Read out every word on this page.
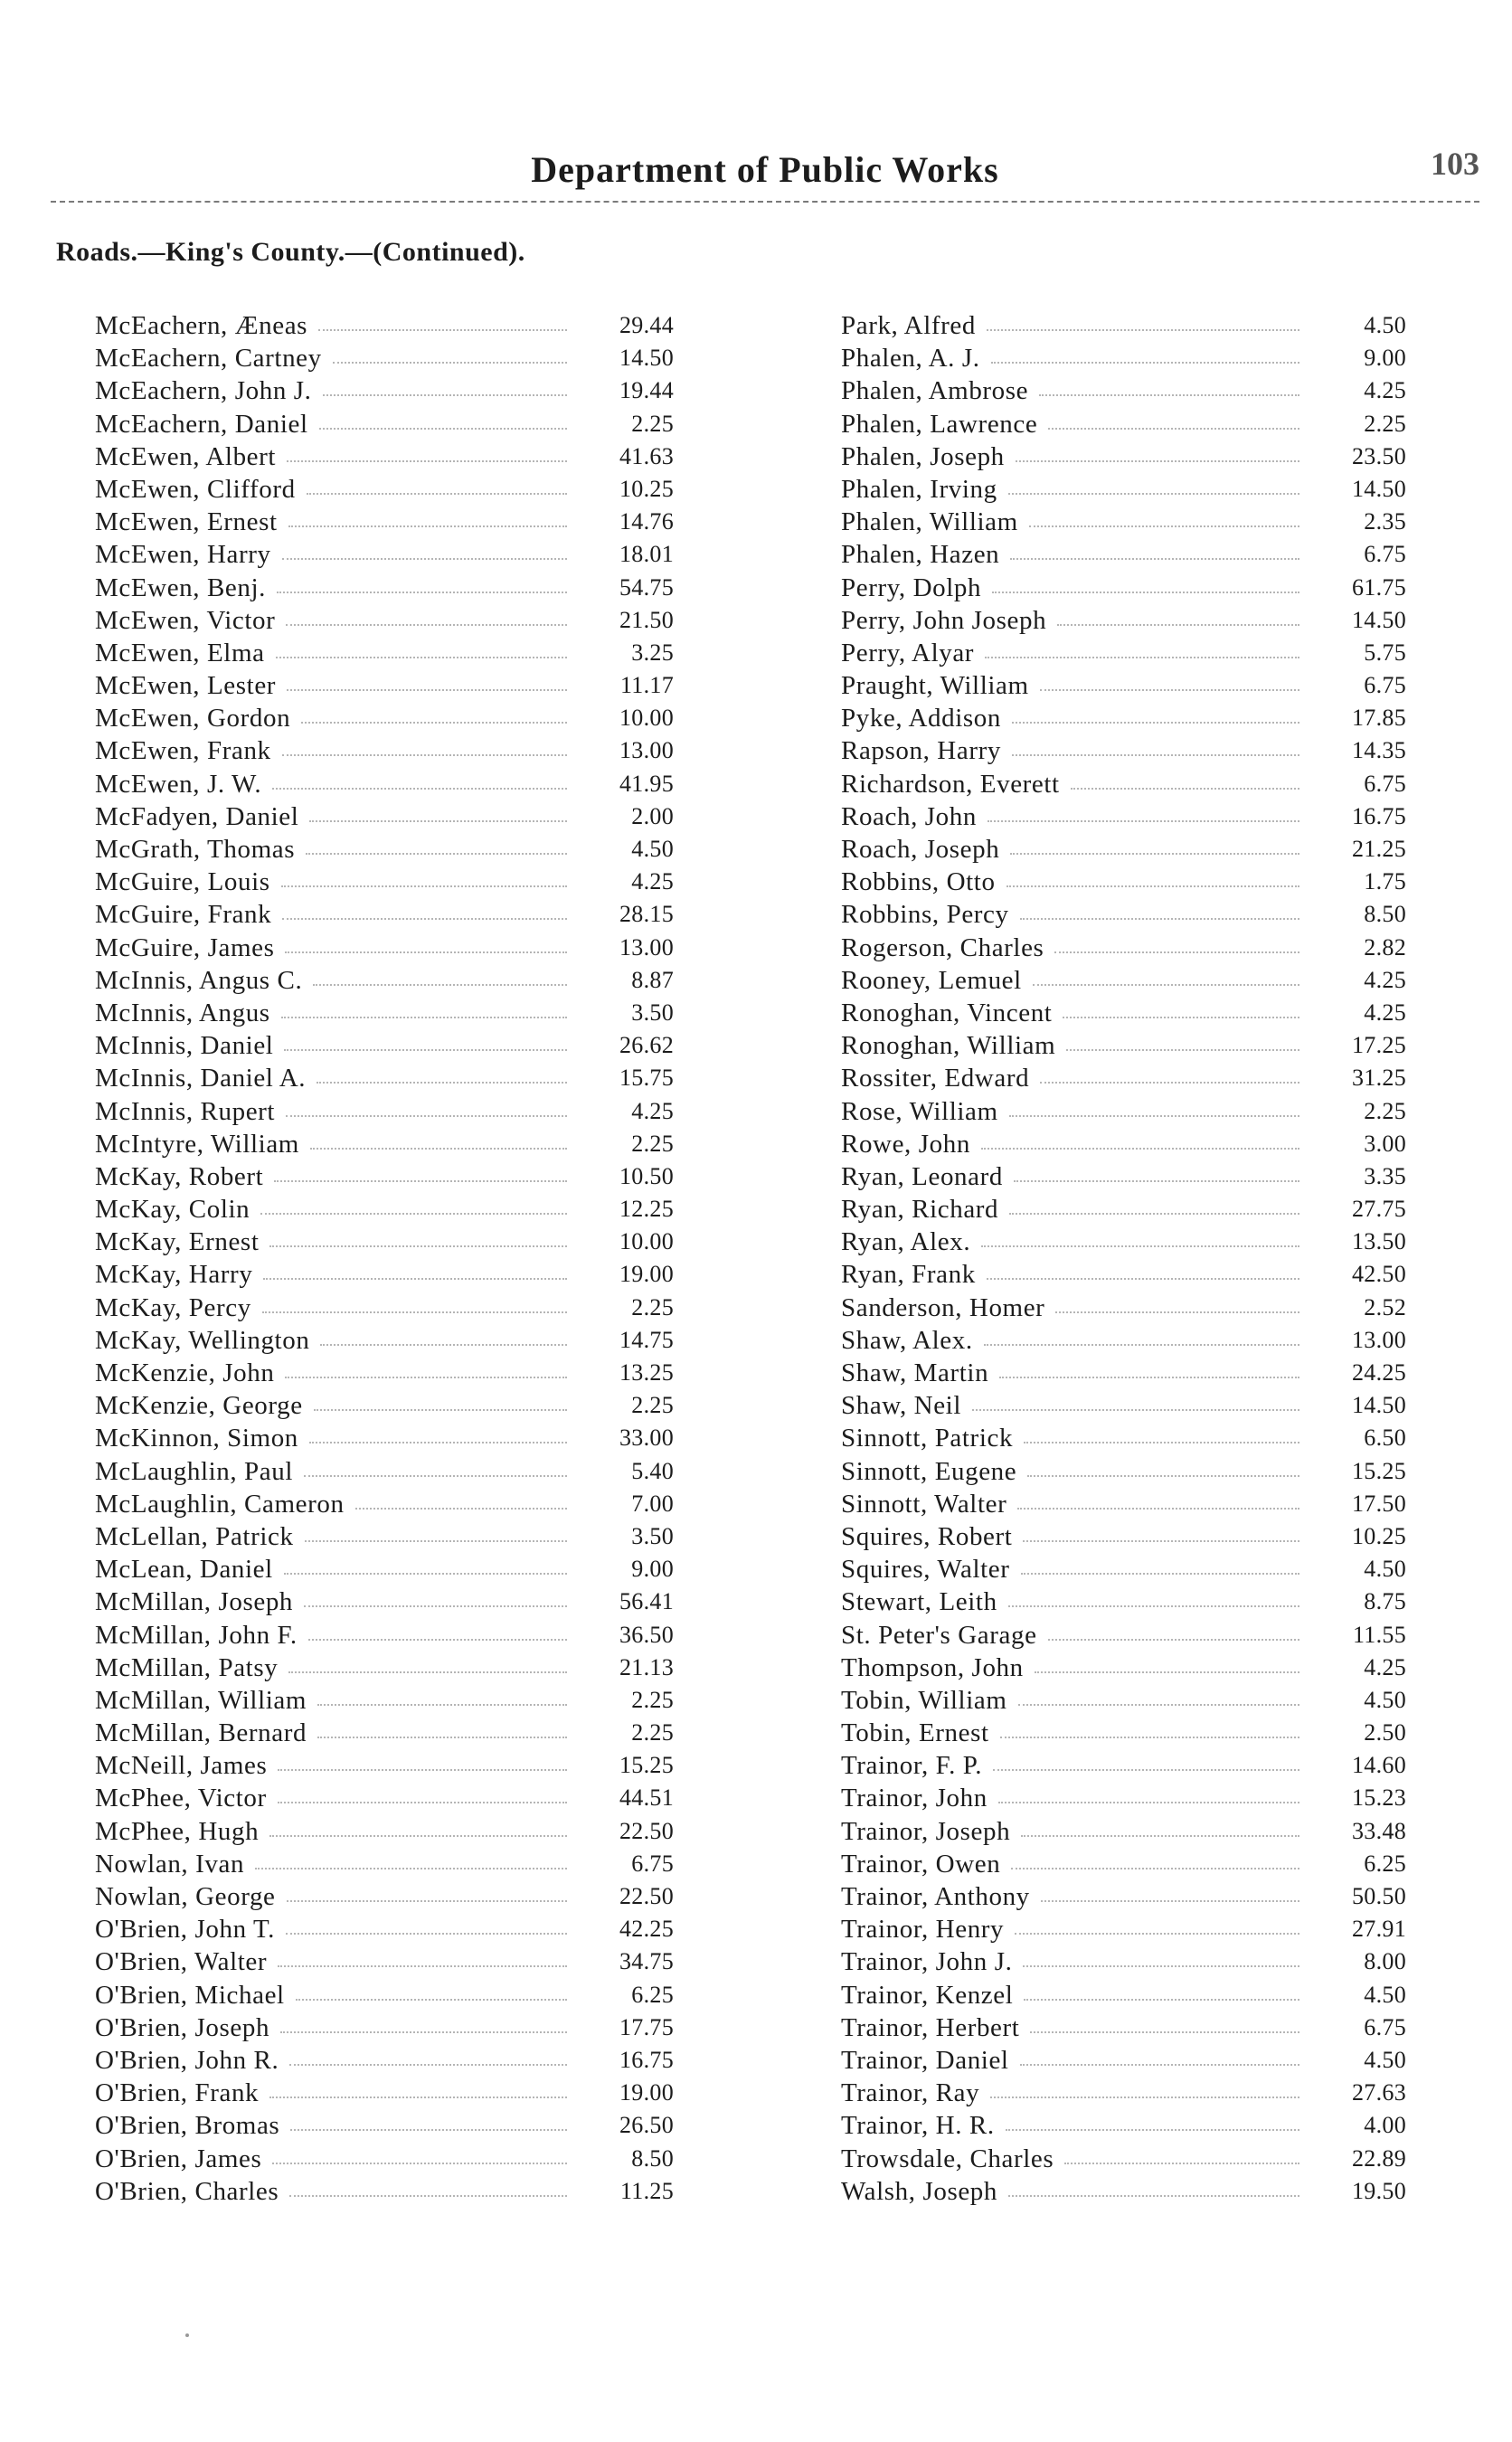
Department of Public Works	103
Roads.—King's County.—(Continued).
McEachern, Æneas	29.44
McEachern, Cartney	14.50
McEachern, John J.	19.44
McEachern, Daniel	2.25
McEwen, Albert	41.63
McEwen, Clifford	10.25
McEwen, Ernest	14.76
McEwen, Harry	18.01
McEwen, Benj.	54.75
McEwen, Victor	21.50
McEwen, Elma	3.25
McEwen, Lester	11.17
McEwen, Gordon	10.00
McEwen, Frank	13.00
McEwen, J. W.	41.95
McFadyen, Daniel	2.00
McGrath, Thomas	4.50
McGuire, Louis	4.25
McGuire, Frank	28.15
McGuire, James	13.00
McInnis, Angus C.	8.87
McInnis, Angus	3.50
McInnis, Daniel	26.62
McInnis, Daniel A.	15.75
McInnis, Rupert	4.25
McIntyre, William	2.25
McKay, Robert	10.50
McKay, Colin	12.25
McKay, Ernest	10.00
McKay, Harry	19.00
McKay, Percy	2.25
McKay, Wellington	14.75
McKenzie, John	13.25
McKenzie, George	2.25
McKinnon, Simon	33.00
McLaughlin, Paul	5.40
McLaughlin, Cameron	7.00
McLellan, Patrick	3.50
McLean, Daniel	9.00
McMillan, Joseph	56.41
McMillan, John F.	36.50
McMillan, Patsy	21.13
McMillan, William	2.25
McMillan, Bernard	2.25
McNeill, James	15.25
McPhee, Victor	44.51
McPhee, Hugh	22.50
Nowlan, Ivan	6.75
Nowlan, George	22.50
O'Brien, John T.	42.25
O'Brien, Walter	34.75
O'Brien, Michael	6.25
O'Brien, Joseph	17.75
O'Brien, John R.	16.75
O'Brien, Frank	19.00
O'Brien, Bromas	26.50
O'Brien, James	8.50
O'Brien, Charles	11.25
Park, Alfred	4.50
Phalen, A. J.	9.00
Phalen, Ambrose	4.25
Phalen, Lawrence	2.25
Phalen, Joseph	23.50
Phalen, Irving	14.50
Phalen, William	2.35
Phalen, Hazen	6.75
Perry, Dolph	61.75
Perry, John Joseph	14.50
Perry, Alyar	5.75
Praught, William	6.75
Pyke, Addison	17.85
Rapson, Harry	14.35
Richardson, Everett	6.75
Roach, John	16.75
Roach, Joseph	21.25
Robbins, Otto	1.75
Robbins, Percy	8.50
Rogerson, Charles	2.82
Rooney, Lemuel	4.25
Ronoghan, Vincent	4.25
Ronoghan, William	17.25
Rossiter, Edward	31.25
Rose, William	2.25
Rowe, John	3.00
Ryan, Leonard	3.35
Ryan, Richard	27.75
Ryan, Alex.	13.50
Ryan, Frank	42.50
Sanderson, Homer	2.52
Shaw, Alex.	13.00
Shaw, Martin	24.25
Shaw, Neil	14.50
Sinnott, Patrick	6.50
Sinnott, Eugene	15.25
Sinnott, Walter	17.50
Squires, Robert	10.25
Squires, Walter	4.50
Stewart, Leith	8.75
St. Peter's Garage	11.55
Thompson, John	4.25
Tobin, William	4.50
Tobin, Ernest	2.50
Trainor, F. P.	14.60
Trainor, John	15.23
Trainor, Joseph	33.48
Trainor, Owen	6.25
Trainor, Anthony	50.50
Trainor, Henry	27.91
Trainor, John J.	8.00
Trainor, Kenzel	4.50
Trainor, Herbert	6.75
Trainor, Daniel	4.50
Trainor, Ray	27.63
Trainor, H. R.	4.00
Trowsdale, Charles	22.89
Walsh, Joseph	19.50
